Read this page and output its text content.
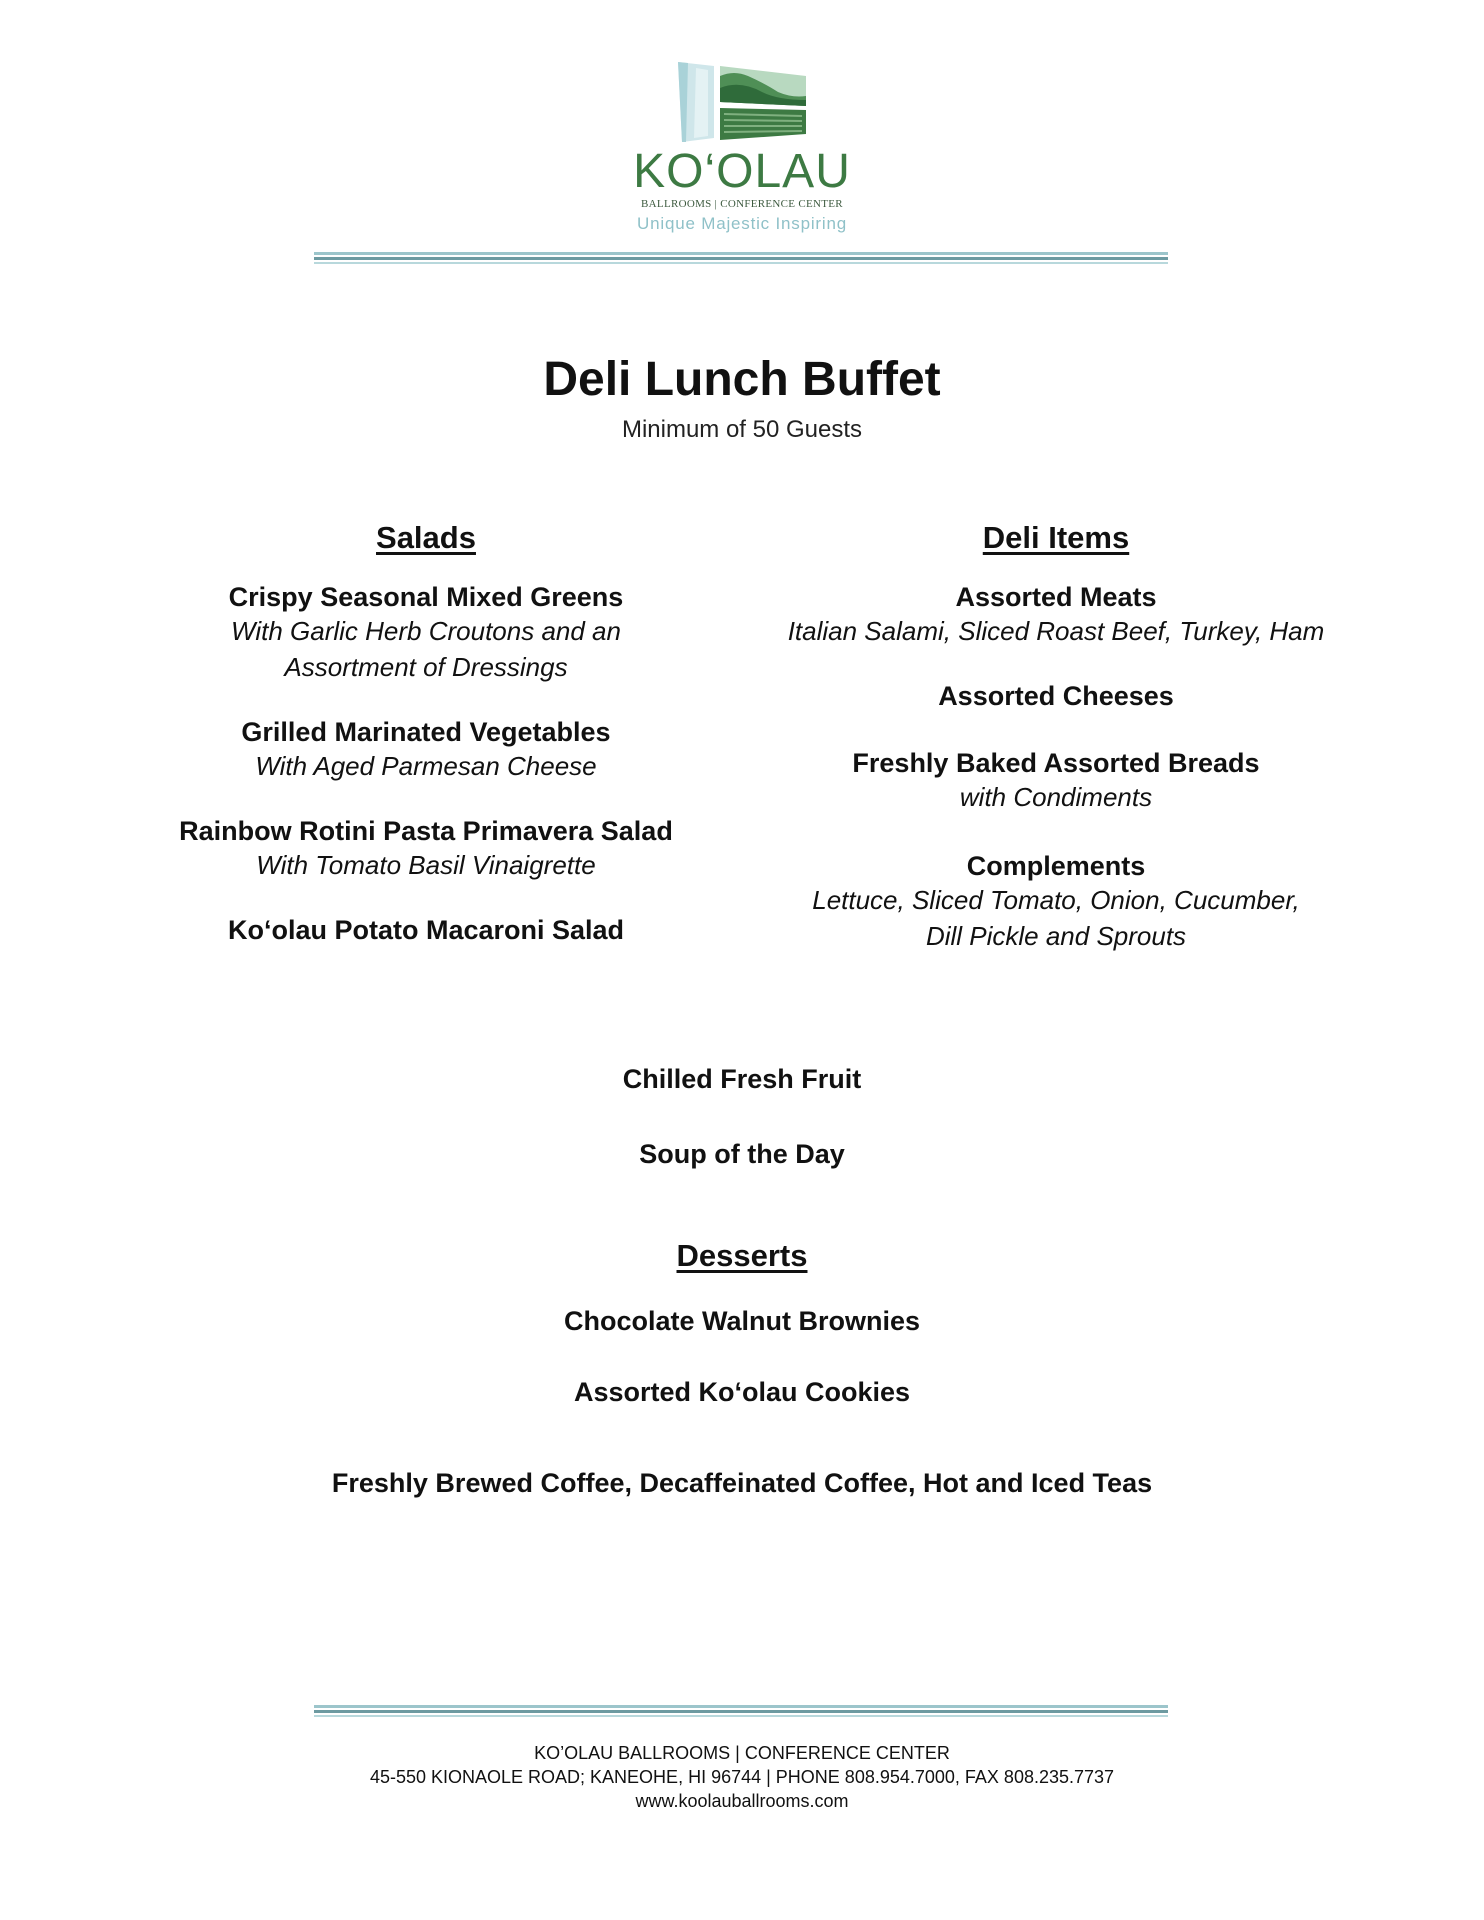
KO‘OLAU
BALLROOMS | CONFERENCE CENTER
Unique Majestic Inspiring
Deli Lunch Buffet
Minimum of 50 Guests
Salads
Crispy Seasonal Mixed Greens
With Garlic Herb Croutons and an
Assortment of Dressings
Grilled Marinated Vegetables
With Aged Parmesan Cheese
Rainbow Rotini Pasta Primavera Salad
With Tomato Basil Vinaigrette
Ko‘olau Potato Macaroni Salad
Deli Items
Assorted Meats
Italian Salami, Sliced Roast Beef, Turkey, Ham
Assorted Cheeses
Freshly Baked Assorted Breads
with Condiments
Complements
Lettuce, Sliced Tomato, Onion, Cucumber,
Dill Pickle and Sprouts
Chilled Fresh Fruit
Soup of the Day
Desserts
Chocolate Walnut Brownies
Assorted Ko‘olau Cookies
Freshly Brewed Coffee, Decaffeinated Coffee, Hot and Iced Teas
KO’OLAU BALLROOMS | CONFERENCE CENTER
45-550 KIONAOLE ROAD; KANEOHE, HI 96744 | PHONE 808.954.7000, FAX 808.235.7737
www.koolauballrooms.com
